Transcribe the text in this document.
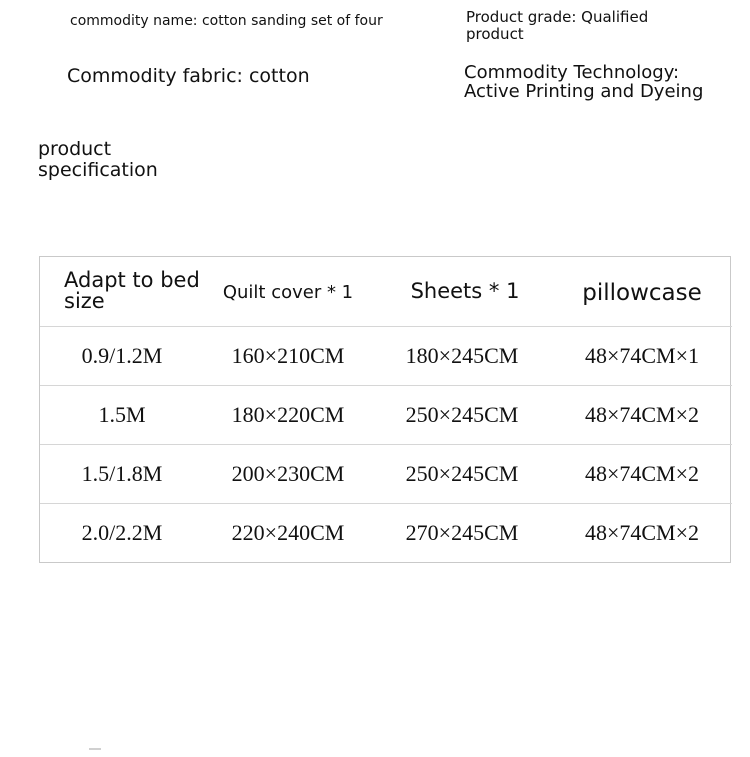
commodity name: cotton sanding set of four	Product grade: Qualified product

Commodity fabric: cotton	Commodity Technology: Active Printing and Dyeing

product specification

Adapt to bed size	Quilt cover * 1	Sheets * 1	pillowcase
0.9/1.2M	160×210CM	180×245CM	48×74CM×1
1.5M	180×220CM	250×245CM	48×74CM×2
1.5/1.8M	200×230CM	250×245CM	48×74CM×2
2.0/2.2M	220×240CM	270×245CM	48×74CM×2
